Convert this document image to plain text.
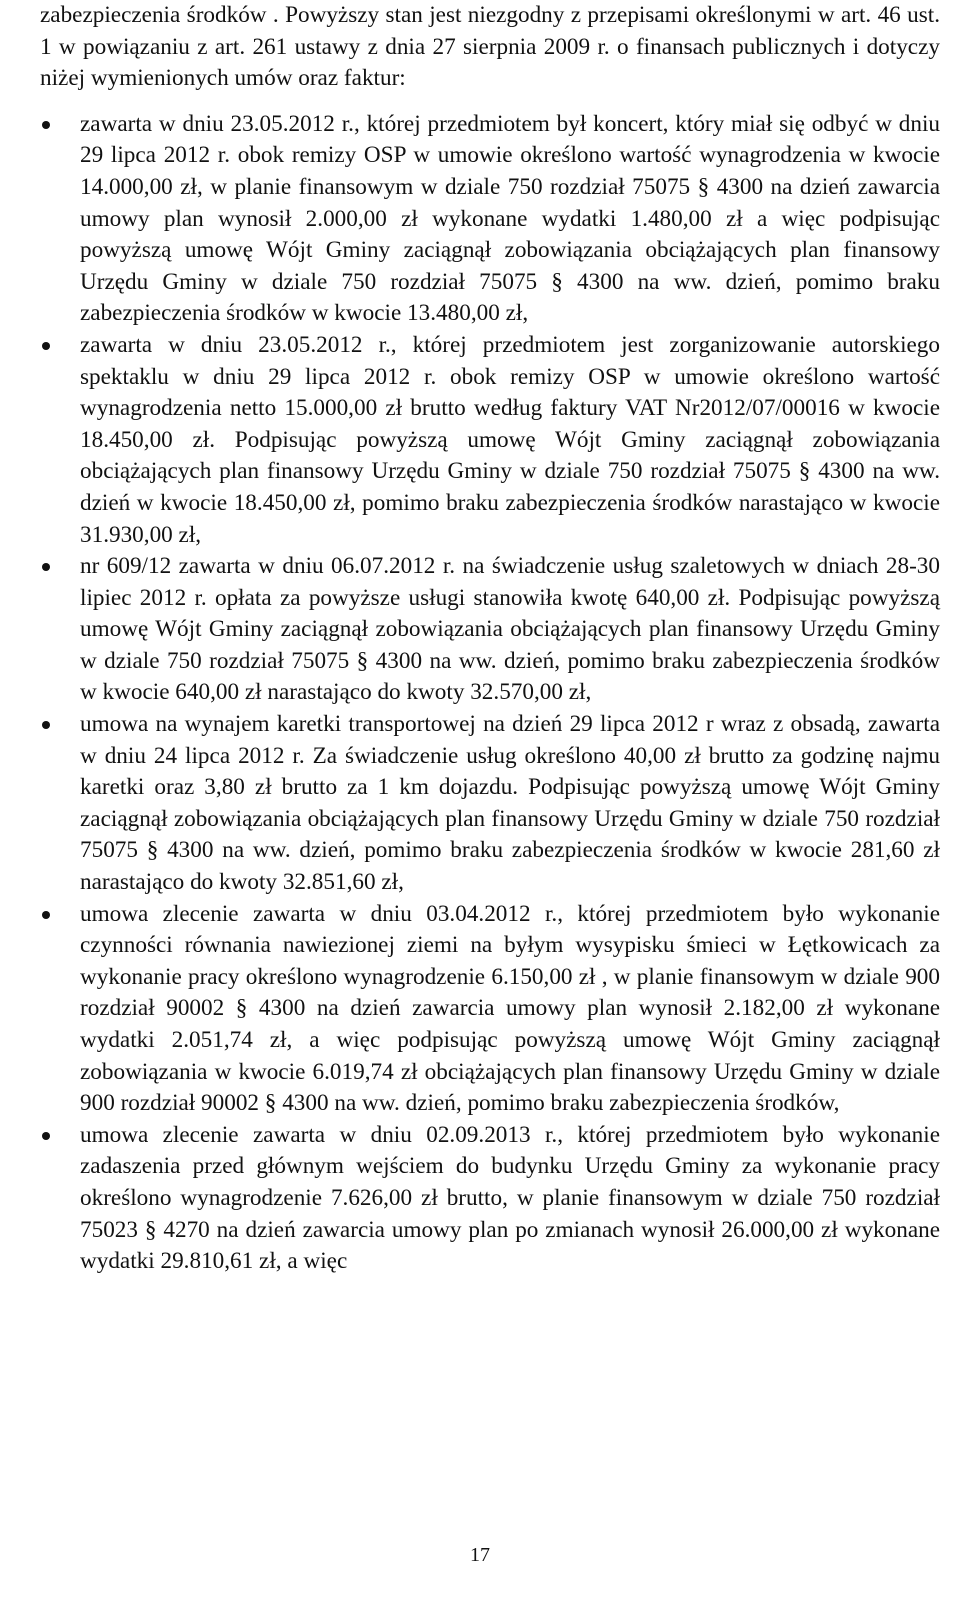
zabezpieczenia środków . Powyższy stan jest niezgodny z przepisami określonymi w art. 46 ust. 1 w powiązaniu z art. 261 ustawy z dnia 27 sierpnia 2009 r. o finansach publicznych i dotyczy niżej wymienionych umów oraz faktur:

zawarta w dniu 23.05.2012 r., której przedmiotem był koncert, który miał się odbyć w dniu 29 lipca 2012 r. obok remizy OSP w umowie określono wartość wynagrodzenia w kwocie 14.000,00 zł, w planie finansowym w dziale 750 rozdział 75075 § 4300 na dzień zawarcia umowy plan wynosił 2.000,00 zł wykonane wydatki 1.480,00 zł a więc podpisując powyższą umowę Wójt Gminy zaciągnął zobowiązania obciążających plan finansowy Urzędu Gminy w dziale 750 rozdział 75075 § 4300 na ww. dzień, pomimo braku zabezpieczenia środków w kwocie 13.480,00 zł,
zawarta w dniu 23.05.2012 r., której przedmiotem jest zorganizowanie autorskiego spektaklu w dniu 29 lipca 2012 r. obok remizy OSP w umowie określono wartość wynagrodzenia netto 15.000,00 zł brutto według faktury VAT Nr2012/07/00016 w kwocie 18.450,00 zł. Podpisując powyższą umowę Wójt Gminy zaciągnął zobowiązania obciążających plan finansowy Urzędu Gminy w dziale 750 rozdział 75075 § 4300 na ww. dzień w kwocie 18.450,00 zł, pomimo braku zabezpieczenia środków narastająco w kwocie 31.930,00 zł,
nr 609/12 zawarta w dniu 06.07.2012 r. na świadczenie usług szaletowych w dniach 28-30 lipiec 2012 r. opłata za powyższe usługi stanowiła kwotę 640,00 zł. Podpisując powyższą umowę Wójt Gminy zaciągnął zobowiązania obciążających plan finansowy Urzędu Gminy w dziale 750 rozdział 75075 § 4300 na ww. dzień, pomimo braku zabezpieczenia środków w kwocie 640,00 zł narastająco do kwoty 32.570,00 zł,
umowa na wynajem karetki transportowej na dzień 29 lipca 2012 r wraz z obsadą, zawarta w dniu 24 lipca 2012 r. Za świadczenie usług określono 40,00 zł brutto za godzinę najmu karetki oraz 3,80 zł brutto za 1 km dojazdu. Podpisując powyższą umowę Wójt Gminy zaciągnął zobowiązania obciążających plan finansowy Urzędu Gminy w dziale 750 rozdział 75075 § 4300 na ww. dzień, pomimo braku zabezpieczenia środków w kwocie 281,60 zł narastająco do kwoty 32.851,60 zł,
umowa zlecenie zawarta w dniu 03.04.2012 r., której przedmiotem było wykonanie czynności równania nawiezionej ziemi na byłym wysypisku śmieci w Łętkowicach za wykonanie pracy określono wynagrodzenie 6.150,00 zł , w planie finansowym w dziale 900 rozdział 90002 § 4300 na dzień zawarcia umowy plan wynosił 2.182,00 zł wykonane wydatki 2.051,74 zł, a więc podpisując powyższą umowę Wójt Gminy zaciągnął zobowiązania w kwocie 6.019,74 zł obciążających plan finansowy Urzędu Gminy w dziale 900 rozdział 90002 § 4300 na ww. dzień, pomimo braku zabezpieczenia środków,
umowa zlecenie zawarta w dniu 02.09.2013 r., której przedmiotem było wykonanie zadaszenia przed głównym wejściem do budynku Urzędu Gminy za wykonanie pracy określono wynagrodzenie 7.626,00 zł brutto, w planie finansowym w dziale 750 rozdział 75023 § 4270 na dzień zawarcia umowy plan po zmianach wynosił 26.000,00 zł wykonane wydatki 29.810,61 zł, a więc
17
